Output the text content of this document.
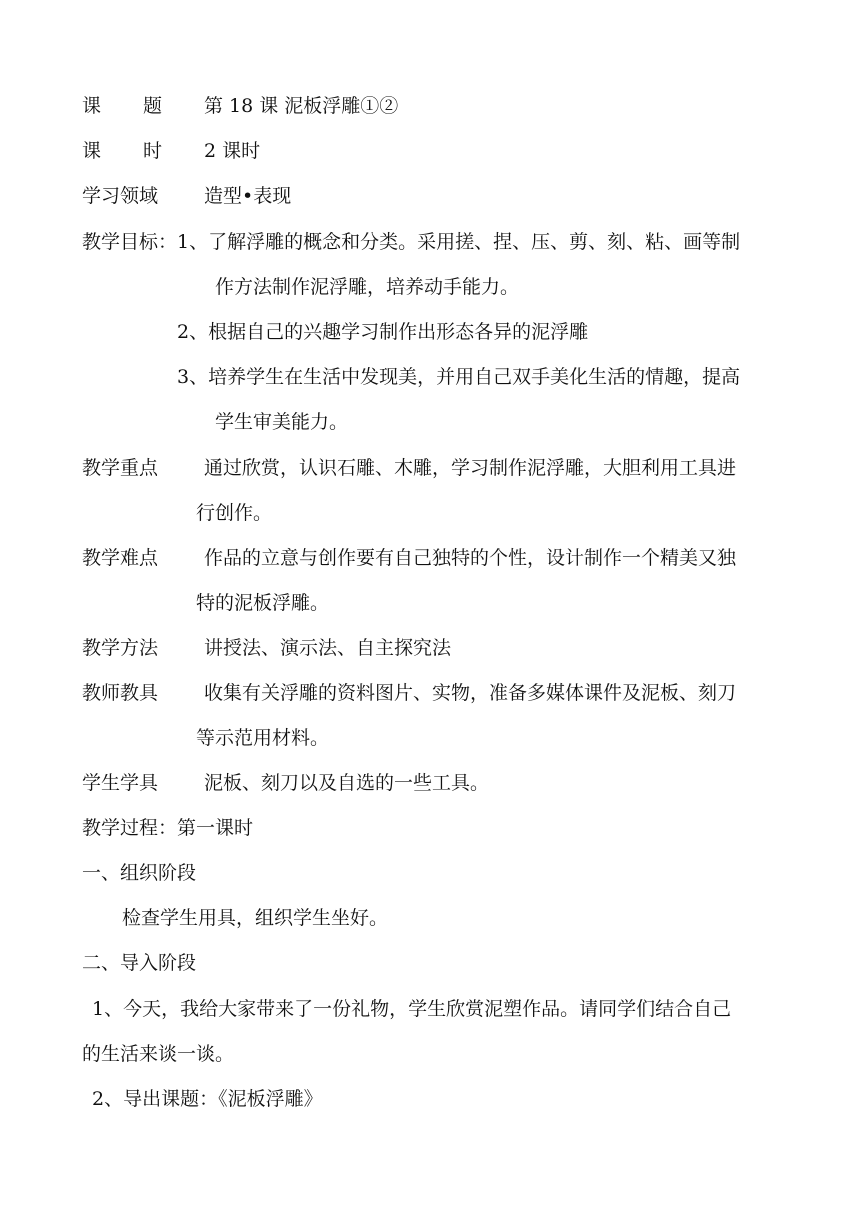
课 题 第 18 课 泥板浮雕①②
课 时 2 课时
学习领域 造型•表现
教学目标： 1、了解浮雕的概念和分类。采用搓、捏、压、剪、刻、粘、画等制
作方法制作泥浮雕，培养动手能力。
2、根据自己的兴趣学习制作出形态各异的泥浮雕
3、培养学生在生活中发现美，并用自己双手美化生活的情趣，提高
学生审美能力。
教学重点 通过欣赏，认识石雕、木雕，学习制作泥浮雕，大胆利用工具进
行创作。
教学难点 作品的立意与创作要有自己独特的个性，设计制作一个精美又独
特的泥板浮雕。
教学方法 讲授法、演示法、自主探究法
教师教具 收集有关浮雕的资料图片、实物，准备多媒体课件及泥板、刻刀
等示范用材料。
学生学具 泥板、刻刀以及自选的一些工具。
教学过程：第一课时
一、组织阶段
检查学生用具，组织学生坐好。
二、导入阶段
1、今天，我给大家带来了一份礼物，学生欣赏泥塑作品。请同学们结合自己
的生活来谈一谈。
2、导出课题：《泥板浮雕》
